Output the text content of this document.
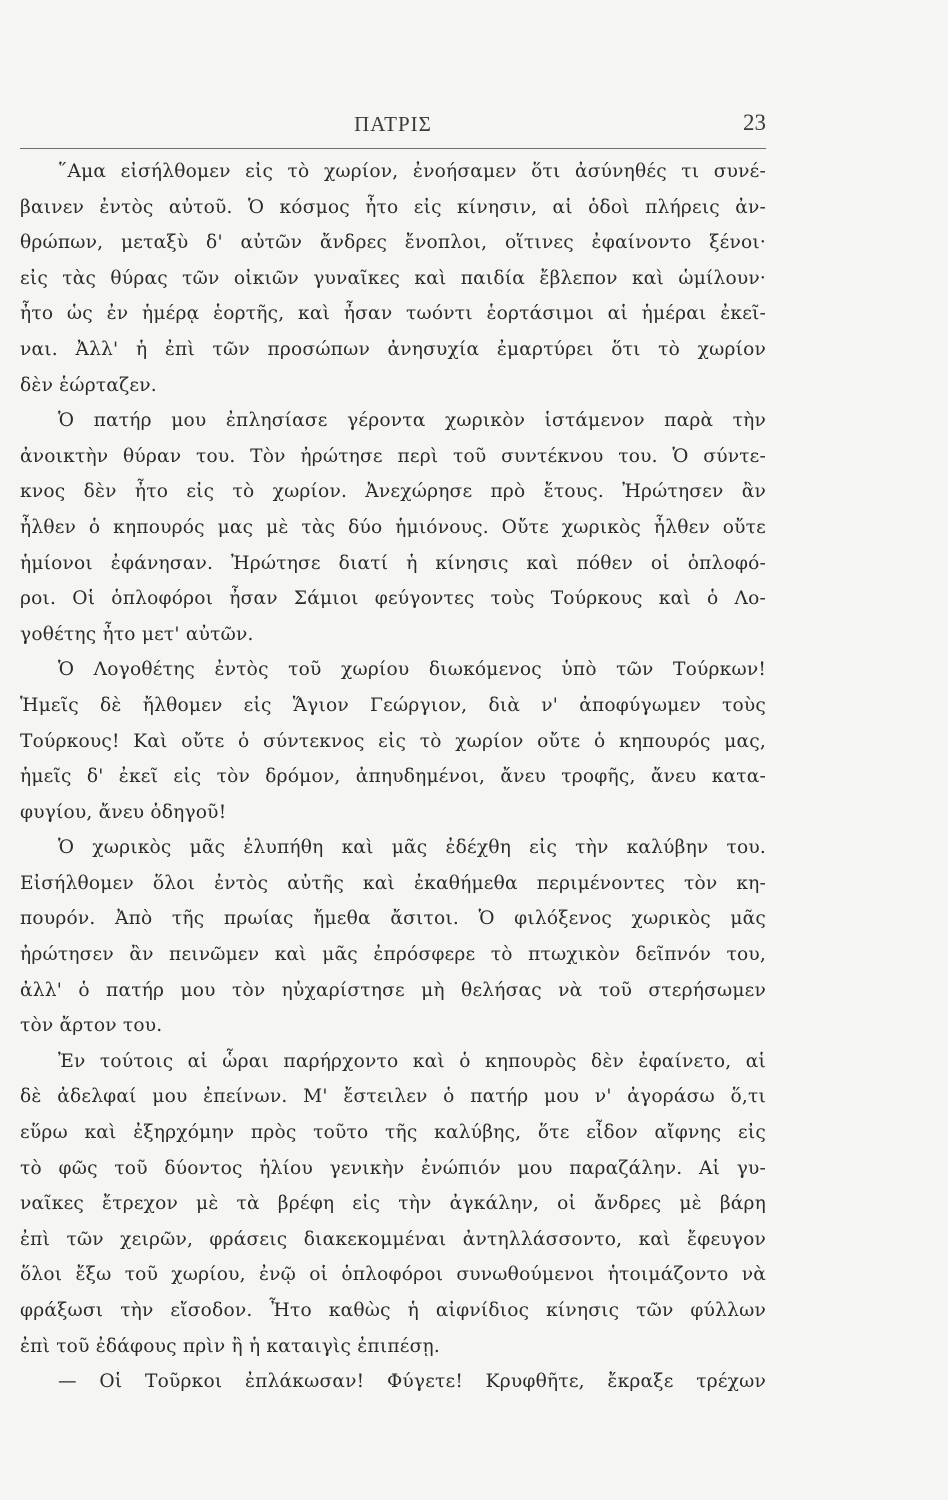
ΠΑΤΡΙΣ	23
῞Αμα εἰσήλθομεν εἰς τὸ χωρίον, ἐνοήσαμεν ὅτι ἀσύνηθές τι συνέ-
βαινεν ἐντὸς αὐτοῦ. Ὁ κόσμος ἦτο εἰς κίνησιν, αἱ ὁδοὶ πλήρεις ἀν-
θρώπων, μεταξὺ δ' αὐτῶν ἄνδρες ἔνοπλοι, οἵτινες ἐφαίνοντο ξένοι·
εἰς τὰς θύρας τῶν οἰκιῶν γυναῖκες καὶ παιδία ἔβλεπον καὶ ὡμίλουν·
ἦτο ὡς ἐν ἡμέρᾳ ἑορτῆς, καὶ ἦσαν τωόντι ἑορτάσιμοι αἱ ἡμέραι ἐκεῖ-
ναι. Ἀλλ' ἡ ἐπὶ τῶν προσώπων ἀνησυχία ἐμαρτύρει ὅτι τὸ χωρίον
δὲν ἑώρταζεν.
Ὁ πατήρ μου ἐπλησίασε γέροντα χωρικὸν ἱστάμενον παρὰ τὴν
ἀνοικτὴν θύραν του. Τὸν ἠρώτησε περὶ τοῦ συντέκνου του. Ὁ σύντε-
κνος δὲν ἦτο εἰς τὸ χωρίον. Ἀνεχώρησε πρὸ ἔτους. Ἠρώτησεν ἂν
ἦλθεν ὁ κηπουρός μας μὲ τὰς δύο ἡμιόνους. Οὔτε χωρικὸς ἦλθεν οὔτε
ἡμίονοι ἐφάνησαν. Ἠρώτησε διατί ἡ κίνησις καὶ πόθεν οἱ ὁπλοφό-
ροι. Οἱ ὁπλοφόροι ἦσαν Σάμιοι φεύγοντες τοὺς Τούρκους καὶ ὁ Λο-
γοθέτης ἦτο μετ' αὐτῶν.
Ὁ Λογοθέτης ἐντὸς τοῦ χωρίου διωκόμενος ὑπὸ τῶν Τούρκων!
Ἡμεῖς δὲ ἤλθομεν εἰς Ἅγιον Γεώργιον, διὰ ν' ἀποφύγωμεν τοὺς
Τούρκους! Καὶ οὔτε ὁ σύντεκνος εἰς τὸ χωρίον οὔτε ὁ κηπουρός μας,
ἡμεῖς δ' ἐκεῖ εἰς τὸν δρόμον, ἀπηυδημένοι, ἄνευ τροφῆς, ἄνευ κατα-
φυγίου, ἄνευ ὁδηγοῦ!
Ὁ χωρικὸς μᾶς ἐλυπήθη καὶ μᾶς ἐδέχθη εἰς τὴν καλύβην του.
Εἰσήλθομεν ὅλοι ἐντὸς αὐτῆς καὶ ἐκαθήμεθα περιμένοντες τὸν κη-
πουρόν. Ἀπὸ τῆς πρωίας ἤμεθα ἄσιτοι. Ὁ φιλόξενος χωρικὸς μᾶς
ἠρώτησεν ἂν πεινῶμεν καὶ μᾶς ἐπρόσφερε τὸ πτωχικὸν δεῖπνόν του,
ἀλλ' ὁ πατήρ μου τὸν ηὐχαρίστησε μὴ θελήσας νὰ τοῦ στερήσωμεν
τὸν ἄρτον του.
Ἐν τούτοις αἱ ὧραι παρήρχοντο καὶ ὁ κηπουρὸς δὲν ἐφαίνετο, αἱ
δὲ ἀδελφαί μου ἐπείνων. Μ' ἔστειλεν ὁ πατήρ μου ν' ἀγοράσω ὅ,τι
εὕρω καὶ ἐξηρχόμην πρὸς τοῦτο τῆς καλύβης, ὅτε εἶδον αἴφνης εἰς
τὸ φῶς τοῦ δύοντος ἡλίου γενικὴν ἐνώπιόν μου παραζάλην. Αἱ γυ-
ναῖκες ἔτρεχον μὲ τὰ βρέφη εἰς τὴν ἀγκάλην, οἱ ἄνδρες μὲ βάρη
ἐπὶ τῶν χειρῶν, φράσεις διακεκομμέναι ἀντηλλάσσοντο, καὶ ἔφευγον
ὅλοι ἔξω τοῦ χωρίου, ἐνῷ οἱ ὁπλοφόροι συνωθούμενοι ἡτοιμάζοντο νὰ
φράξωσι τὴν εἴσοδον. Ἦτο καθὼς ἡ αἰφνίδιος κίνησις τῶν φύλλων
ἐπὶ τοῦ ἐδάφους πρὶν ἢ ἡ καταιγὶς ἐπιπέσῃ.
— Οἱ Τοῦρκοι ἐπλάκωσαν! Φύγετε! Κρυφθῆτε, ἔκραξε τρέχων
